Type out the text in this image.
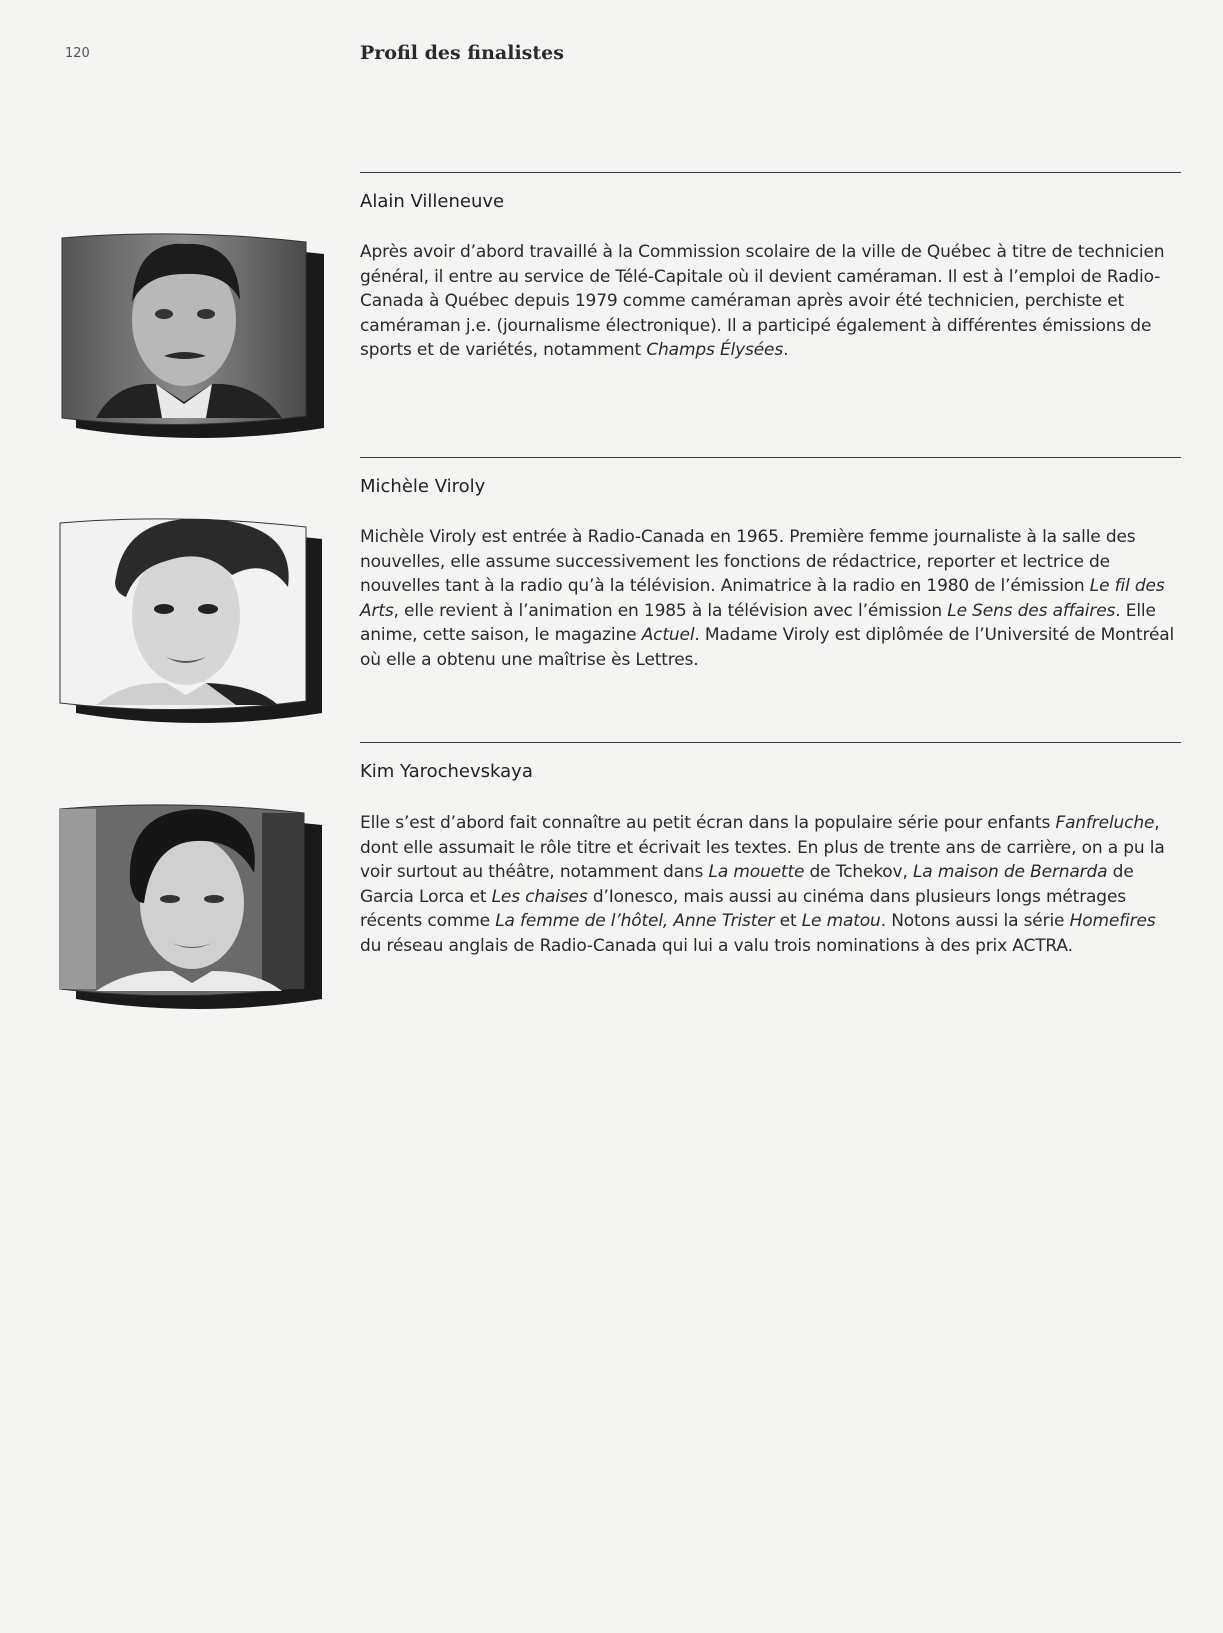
120	Profil des finalistes
Alain Villeneuve

Après avoir d’abord travaillé à la Commission scolaire de la ville de Québec à titre de technicien général, il entre au service de Télé-Capitale où il devient caméraman. Il est à l’emploi de Radio-Canada à Québec depuis 1979 comme caméraman après avoir été technicien, perchiste et caméraman j.e. (journalisme électronique). Il a participé également à différentes émissions de sports et de variétés, notamment Champs Élysées.

Michèle Viroly

Michèle Viroly est entrée à Radio-Canada en 1965. Première femme journaliste à la salle des nouvelles, elle assume successivement les fonctions de rédactrice, reporter et lectrice de nouvelles tant à la radio qu’à la télévision. Animatrice à la radio en 1980 de l’émission Le fil des Arts, elle revient à l’animation en 1985 à la télévision avec l’émission Le Sens des affaires. Elle anime, cette saison, le magazine Actuel. Madame Viroly est diplômée de l’Université de Montréal où elle a obtenu une maîtrise ès Lettres.

Kim Yarochevskaya

Elle s’est d’abord fait connaître au petit écran dans la populaire série pour enfants Fanfreluche, dont elle assumait le rôle titre et écrivait les textes. En plus de trente ans de carrière, on a pu la voir surtout au théâtre, notamment dans La mouette de Tchekov, La maison de Bernarda de Garcia Lorca et Les chaises d’Ionesco, mais aussi au cinéma dans plusieurs longs métrages récents comme La femme de l’hôtel, Anne Trister et Le matou. Notons aussi la série Homefires du réseau anglais de Radio-Canada qui lui a valu trois nominations à des prix ACTRA.
